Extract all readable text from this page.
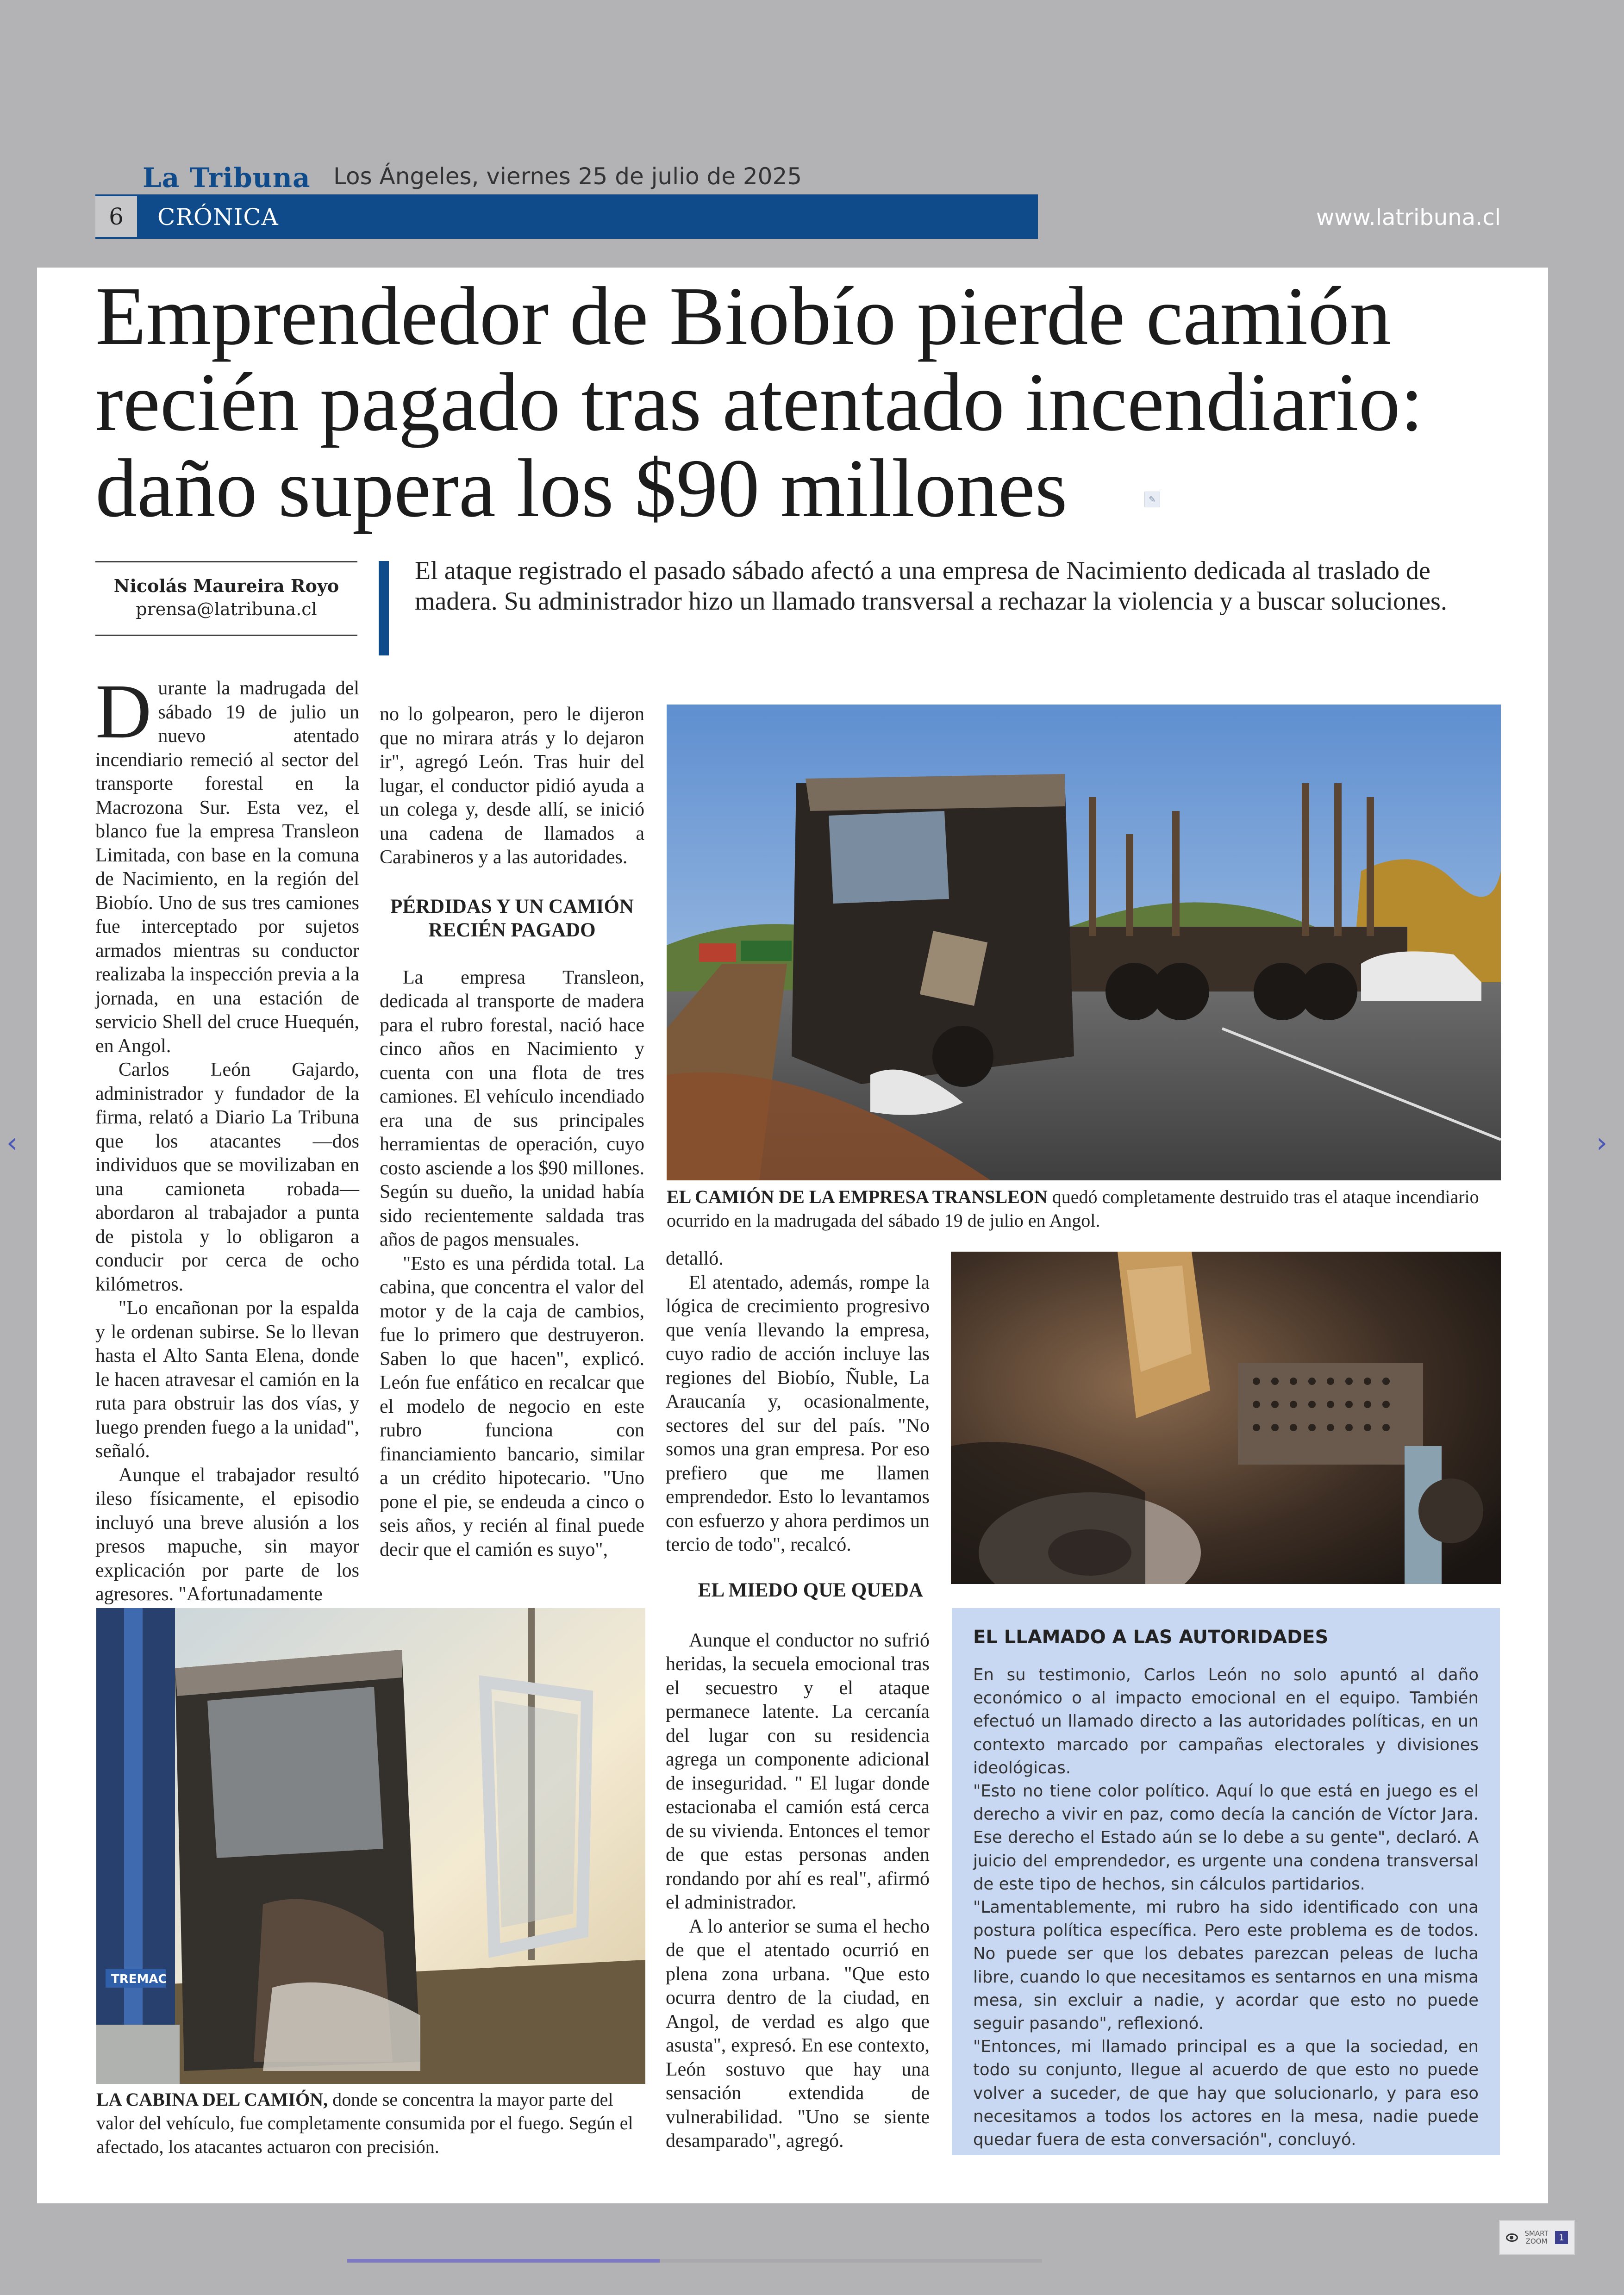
La Tribuna Los Ángeles, viernes 25 de julio de 2025
6	CRÓNICA	www.latribuna.cl
Emprendedor de Biobío pierde camión recién pagado tras atentado incendiario: daño supera los $90 millones	✎
Nicolás Maureira Royo
prensa@latribuna.cl

El ataque registrado el pasado sábado afectó a una empresa de Nacimiento dedicada al traslado de madera. Su administrador hizo un llamado transversal a rechazar la violencia y a buscar soluciones.

Durante la madrugada del sábado 19 de julio un nuevo atentado incendiario remeció al sector del transporte forestal en la Macrozona Sur. Esta vez, el blanco fue la empresa Transleon Limitada, con base en la comuna de Nacimiento, en la región del Biobío. Uno de sus tres camiones fue interceptado por sujetos armados mientras su conductor realizaba la inspección previa a la jornada, en una estación de servicio Shell del cruce Huequén, en Angol.

Carlos León Gajardo, administrador y fundador de la firma, relató a Diario La Tribuna que los atacantes —dos individuos que se movilizaban en una camioneta robada— abordaron al trabajador a punta de pistola y lo obligaron a conducir por cerca de ocho kilómetros.

"Lo encañonan por la espalda y le ordenan subirse. Se lo llevan hasta el Alto Santa Elena, donde le hacen atravesar el camión en la ruta para obstruir las dos vías, y luego prenden fuego a la unidad", señaló.

Aunque el trabajador resultó ileso físicamente, el episodio incluyó una breve alusión a los presos mapuche, sin mayor explicación por parte de los agresores. "Afortunadamente

no lo golpearon, pero le dijeron que no mirara atrás y lo dejaron ir", agregó León. Tras huir del lugar, el conductor pidió ayuda a un colega y, desde allí, se inició una cadena de llamados a Carabineros y a las autoridades.

PÉRDIDAS Y UN CAMIÓN RECIÉN PAGADO

La empresa Transleon, dedicada al transporte de madera para el rubro forestal, nació hace cinco años en Nacimiento y cuenta con una flota de tres camiones. El vehículo incendiado era una de sus principales herramientas de operación, cuyo costo asciende a los $90 millones. Según su dueño, la unidad había sido recientemente saldada tras años de pagos mensuales.

"Esto es una pérdida total. La cabina, que concentra el valor del motor y de la caja de cambios, fue lo primero que destruyeron. Saben lo que hacen", explicó. León fue enfático en recalcar que el modelo de negocio en este rubro funciona con financiamiento bancario, similar a un crédito hipotecario. "Uno pone el pie, se endeuda a cinco o seis años, y recién al final puede decir que el camión es suyo",

detalló.

El atentado, además, rompe la lógica de crecimiento progresivo que venía llevando la empresa, cuyo radio de acción incluye las regiones del Biobío, Ñuble, La Araucanía y, ocasionalmente, sectores del sur del país. "No somos una gran empresa. Por eso prefiero que me llamen emprendedor. Esto lo levantamos con esfuerzo y ahora perdimos un tercio de todo", recalcó.

EL MIEDO QUE QUEDA

Aunque el conductor no sufrió heridas, la secuela emocional tras el secuestro y el ataque permanece latente. La cercanía del lugar con su residencia agrega un componente adicional de inseguridad. " El lugar donde estacionaba el camión está cerca de su vivienda. Entonces el temor de que estas personas anden rondando por ahí es real", afirmó el administrador.

A lo anterior se suma el hecho de que el atentado ocurrió en plena zona urbana. "Que esto ocurra dentro de la ciudad, en Angol, de verdad es algo que asusta", expresó. En ese contexto, León sostuvo que hay una sensación extendida de vulnerabilidad. "Uno se siente desamparado", agregó.

EL CAMIÓN DE LA EMPRESA TRANSLEON quedó completamente destruido tras el ataque incendiario ocurrido en la madrugada del sábado 19 de julio en Angol.
TREMAC
LA CABINA DEL CAMIÓN, donde se concentra la mayor parte del valor del vehículo, fue completamente consumida por el fuego. Según el afectado, los atacantes actuaron con precisión.
EL LLAMADO A LAS AUTORIDADES

En su testimonio, Carlos León no solo apuntó al daño económico o al impacto emocional en el equipo. También efectuó un llamado directo a las autoridades políticas, en un contexto marcado por campañas electorales y divisiones ideológicas.

"Esto no tiene color político. Aquí lo que está en juego es el derecho a vivir en paz, como decía la canción de Víctor Jara. Ese derecho el Estado aún se lo debe a su gente", declaró. A juicio del emprendedor, es urgente una condena transversal de este tipo de hechos, sin cálculos partidarios.

"Lamentablemente, mi rubro ha sido identificado con una postura política específica. Pero este problema es de todos. No puede ser que los debates parezcan peleas de lucha libre, cuando lo que necesitamos es sentarnos en una misma mesa, sin excluir a nadie, y acordar que esto no puede seguir pasando", reflexionó.

"Entonces, mi llamado principal es a que la sociedad, en todo su conjunto, llegue al acuerdo de que esto no puede volver a suceder, de que hay que solucionarlo, y para eso necesitamos a todos los actores en la mesa, nadie puede quedar fuera de esta conversación", concluyó.

‹	›
SMART ZOOM	1
